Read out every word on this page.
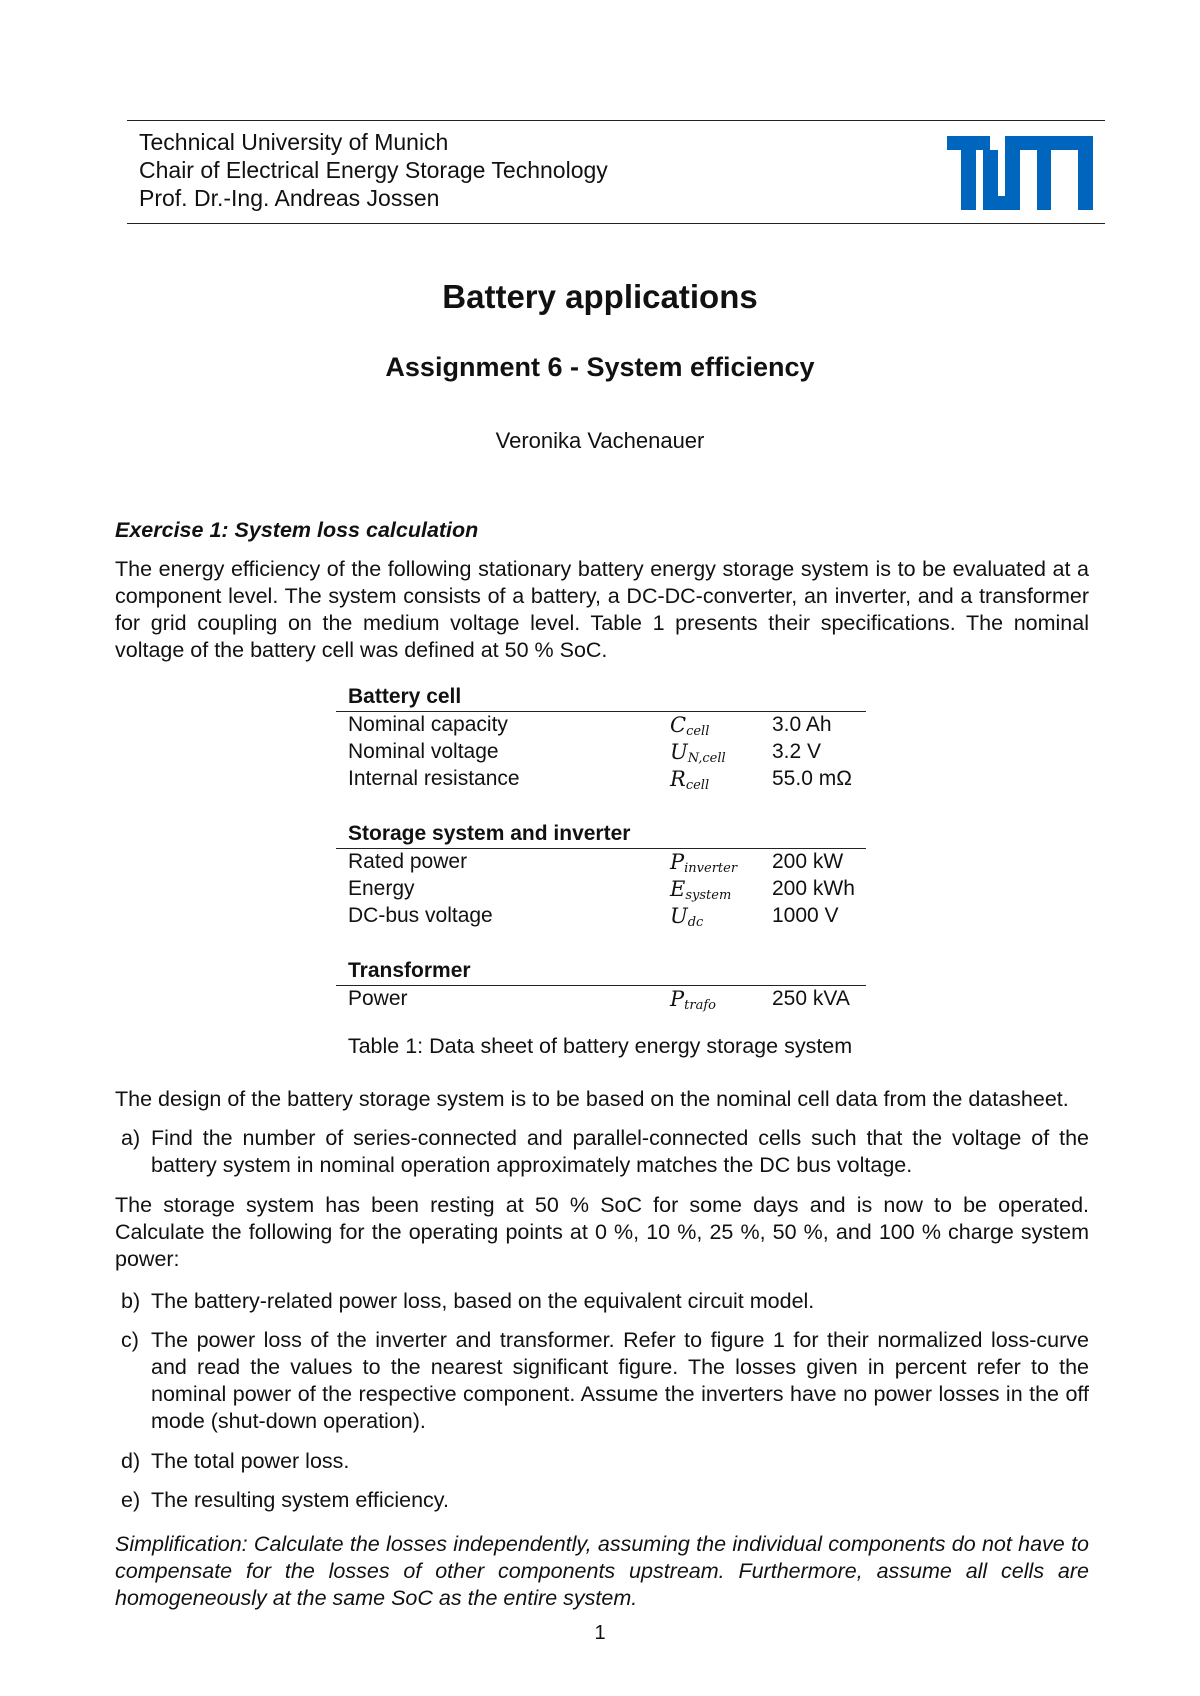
Technical University of Munich
Chair of Electrical Energy Storage Technology
Prof. Dr.-Ing. Andreas Jossen
Battery applications
Assignment 6 - System efficiency
Veronika Vachenauer
Exercise 1: System loss calculation
The energy efficiency of the following stationary battery energy storage system is to be evaluated at a component level. The system consists of a battery, a DC-DC-converter, an inverter, and a transformer for grid coupling on the medium voltage level. Table 1 presents their specifications. The nominal voltage of the battery cell was defined at 50 % SoC.
Battery cell
Nominal capacity	$C_{cell}$	3.0 Ah
Nominal voltage	$U_{N,cell}$ 3.2 V
Internal resistance	$R_{cell}$	55.0 mΩ
Storage system and inverter
Rated power	$P_{inverter}$ 200 kW
Energy	$E_{system}$ 200 kWh
DC-bus voltage	$U_{dc}$	1000 V
Transformer
Power	$P_{trafo}$	250 kVA
Table 1: Data sheet of battery energy storage system
The design of the battery storage system is to be based on the nominal cell data from the datasheet.
a) Find the number of series-connected and parallel-connected cells such that the voltage of the battery system in nominal operation approximately matches the DC bus voltage.
The storage system has been resting at 50 % SoC for some days and is now to be operated. Calculate the following for the operating points at 0 %, 10 %, 25 %, 50 %, and 100 % charge system power:
b) The battery-related power loss, based on the equivalent circuit model.
c) The power loss of the inverter and transformer. Refer to figure 1 for their normalized loss-curve and read the values to the nearest significant figure. The losses given in percent refer to the nominal power of the respective component. Assume the inverters have no power losses in the off mode (shut-down operation).
d) The total power loss.
e) The resulting system efficiency.
Simplification: Calculate the losses independently, assuming the individual components do not have to compensate for the losses of other components upstream. Furthermore, assume all cells are homogeneously at the same SoC as the entire system.
1
